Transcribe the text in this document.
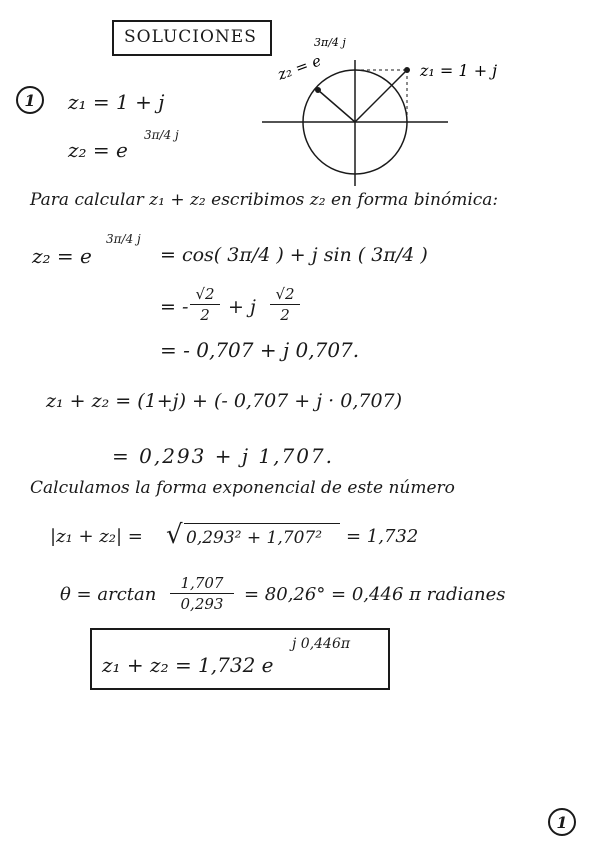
SOLUCIONES
1 z₁ = 1 + j
z₂ = e
3π/4 j
z₁ = 1 + j
z₂ = e
3π/4 j
Para calcular z₁ + z₂ escribimos z₂ en forma binómica:
z₂ = e
3π/4 j
= cos( 3π/4 ) + j sin ( 3π/4 )
= -
√2
2 + j
√2
2
= - 0,707 + j 0,707.
z₁ + z₂ = (1+j) + (- 0,707 + j · 0,707)
= 0,293 + j 1,707.
Calculamos la forma exponencial de este número
|z₁ + z₂| = √ 0,293² + 1,707² = 1,732
θ = arctan
1,707
0,293	= 80,26° = 0,446 π radianes
z₁ + z₂ = 1,732 e
j 0,446π
1
